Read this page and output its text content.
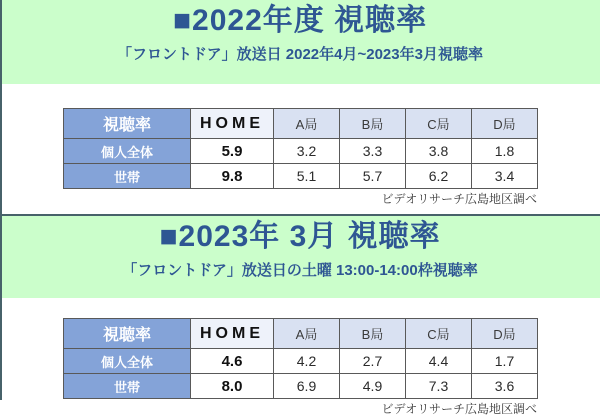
■2022年度 視聴率

「フロントドア」放送日 2022年4月~2023年3月視聴率

視聴率	HOME	A局	B局	C局	D局
個人全体	5.9	3.2	3.3	3.8	1.8
世帯	9.8	5.1	5.7	6.2	3.4
ビデオリサーチ広島地区調べ
■2023年 3月 視聴率

「フロントドア」放送日の土曜 13:00-14:00枠視聴率

視聴率	HOME	A局	B局	C局	D局
個人全体	4.6	4.2	2.7	4.4	1.7
世帯	8.0	6.9	4.9	7.3	3.6
ビデオリサーチ広島地区調べ
